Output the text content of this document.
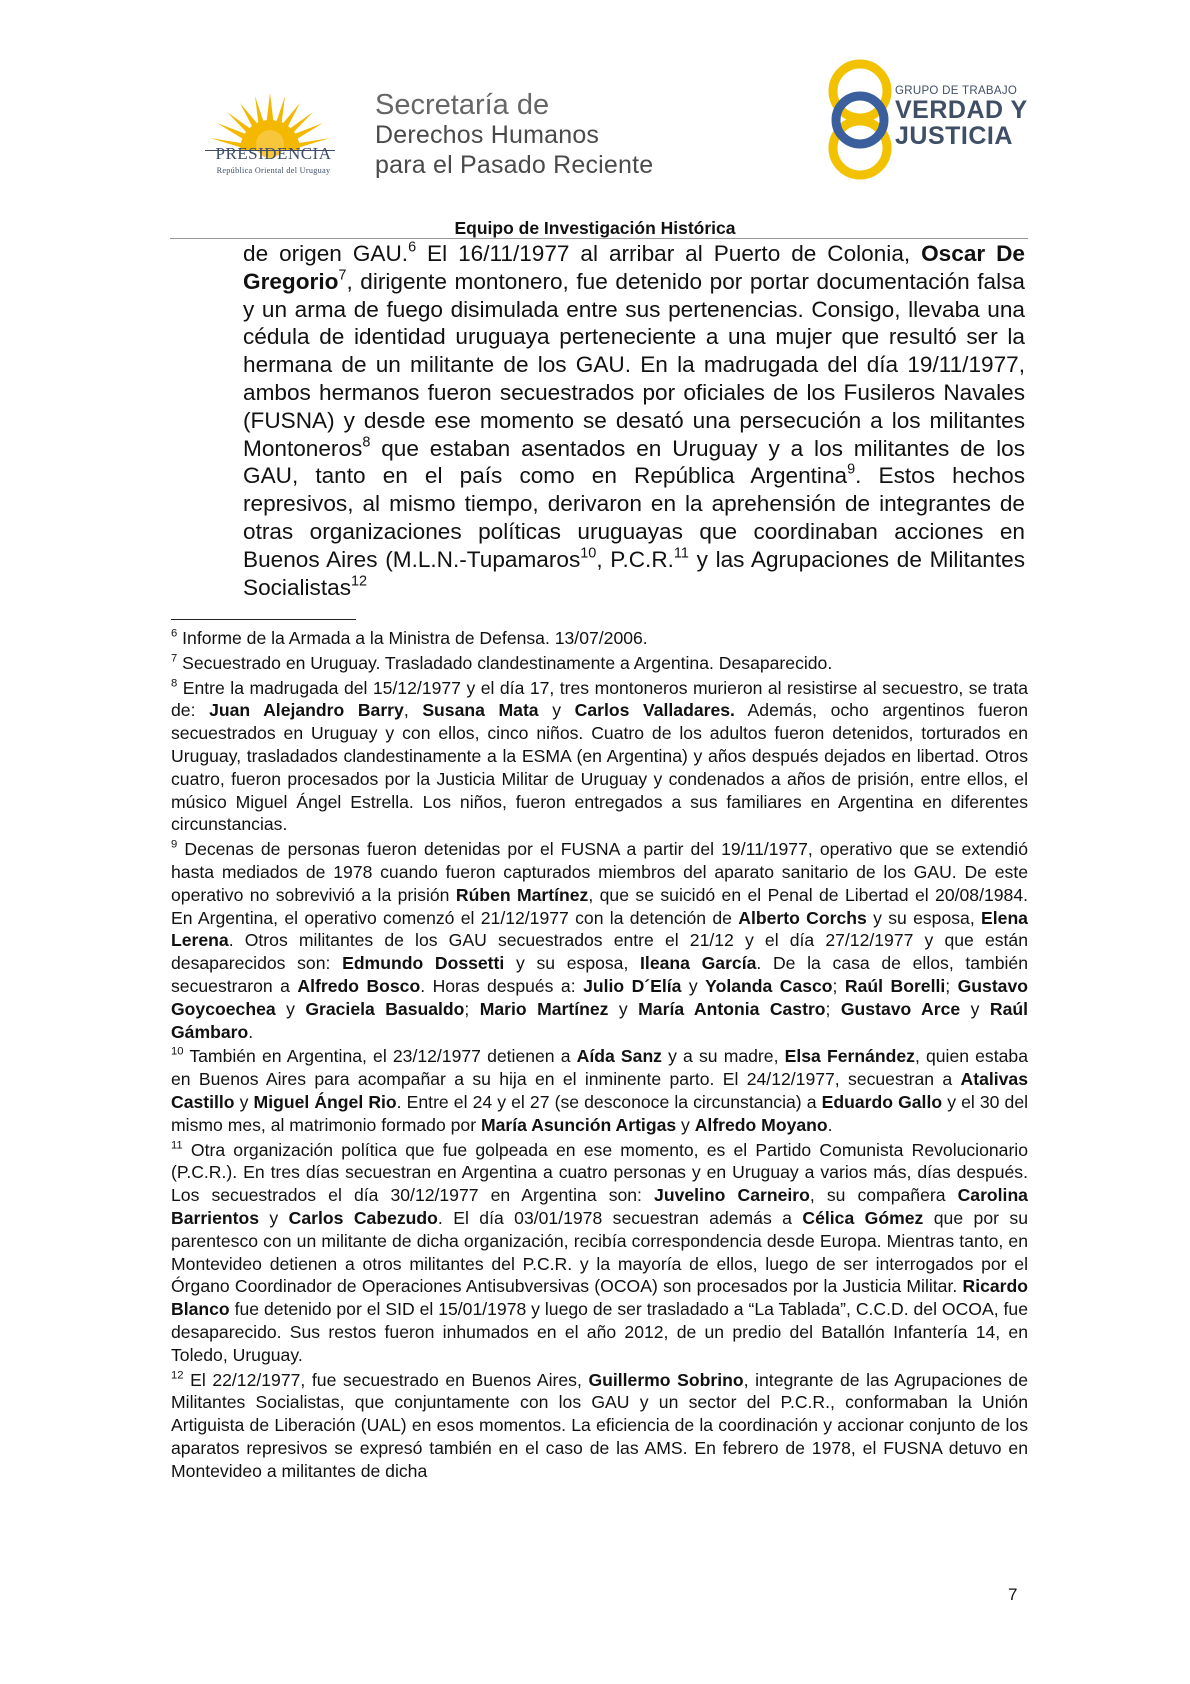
PRESIDENCIA
República Oriental del Uruguay
Secretaría de
Derechos Humanos
para el Pasado Reciente
GRUPO DE TRABAJO
VERDAD Y
JUSTICIA
Equipo de Investigación Histórica
de origen GAU.$^6$ El 16/11/1977 al arribar al Puerto de Colonia, Oscar De Gregorio$^7$, dirigente montonero, fue detenido por portar documentación falsa y un arma de fuego disimulada entre sus pertenencias. Consigo, llevaba una cédula de identidad uruguaya perteneciente a una mujer que resultó ser la hermana de un militante de los GAU. En la madrugada del día 19/11/1977, ambos hermanos fueron secuestrados por oficiales de los Fusileros Navales (FUSNA) y desde ese momento se desató una persecución a los militantes Montoneros$^8$ que estaban asentados en Uruguay y a los militantes de los GAU, tanto en el país como en República Argentina$^9$. Estos hechos represivos, al mismo tiempo, derivaron en la aprehensión de integrantes de otras organizaciones políticas uruguayas que coordinaban acciones en Buenos Aires (M.L.N.-Tupamaros$^{10}$, P.C.R.$^{11}$ y las Agrupaciones de Militantes Socialistas$^{12}$
$^6$ Informe de la Armada a la Ministra de Defensa. 13/07/2006.
$^7$ Secuestrado en Uruguay. Trasladado clandestinamente a Argentina. Desaparecido.
$^8$ Entre la madrugada del 15/12/1977 y el día 17, tres montoneros murieron al resistirse al secuestro, se trata de: Juan Alejandro Barry, Susana Mata y Carlos Valladares. Además, ocho argentinos fueron secuestrados en Uruguay y con ellos, cinco niños. Cuatro de los adultos fueron detenidos, torturados en Uruguay, trasladados clandestinamente a la ESMA (en Argentina) y años después dejados en libertad. Otros cuatro, fueron procesados por la Justicia Militar de Uruguay y condenados a años de prisión, entre ellos, el músico Miguel Ángel Estrella. Los niños, fueron entregados a sus familiares en Argentina en diferentes circunstancias.
$^9$ Decenas de personas fueron detenidas por el FUSNA a partir del 19/11/1977, operativo que se extendió hasta mediados de 1978 cuando fueron capturados miembros del aparato sanitario de los GAU. De este operativo no sobrevivió a la prisión Rúben Martínez, que se suicidó en el Penal de Libertad el 20/08/1984. En Argentina, el operativo comenzó el 21/12/1977 con la detención de Alberto Corchs y su esposa, Elena Lerena. Otros militantes de los GAU secuestrados entre el 21/12 y el día 27/12/1977 y que están desaparecidos son: Edmundo Dossetti y su esposa, Ileana García. De la casa de ellos, también secuestraron a Alfredo Bosco. Horas después a: Julio D´Elía y Yolanda Casco; Raúl Borelli; Gustavo Goycoechea y Graciela Basualdo; Mario Martínez y María Antonia Castro; Gustavo Arce y Raúl Gámbaro.
$^{10}$ También en Argentina, el 23/12/1977 detienen a Aída Sanz y a su madre, Elsa Fernández, quien estaba en Buenos Aires para acompañar a su hija en el inminente parto. El 24/12/1977, secuestran a Atalivas Castillo y Miguel Ángel Rio. Entre el 24 y el 27 (se desconoce la circunstancia) a Eduardo Gallo y el 30 del mismo mes, al matrimonio formado por María Asunción Artigas y Alfredo Moyano.
$^{11}$ Otra organización política que fue golpeada en ese momento, es el Partido Comunista Revolucionario (P.C.R.). En tres días secuestran en Argentina a cuatro personas y en Uruguay a varios más, días después. Los secuestrados el día 30/12/1977 en Argentina son: Juvelino Carneiro, su compañera Carolina Barrientos y Carlos Cabezudo. El día 03/01/1978 secuestran además a Célica Gómez que por su parentesco con un militante de dicha organización, recibía correspondencia desde Europa. Mientras tanto, en Montevideo detienen a otros militantes del P.C.R. y la mayoría de ellos, luego de ser interrogados por el Órgano Coordinador de Operaciones Antisubversivas (OCOA) son procesados por la Justicia Militar. Ricardo Blanco fue detenido por el SID el 15/01/1978 y luego de ser trasladado a “La Tablada”, C.C.D. del OCOA, fue desaparecido. Sus restos fueron inhumados en el año 2012, de un predio del Batallón Infantería 14, en Toledo, Uruguay.
$^{12}$ El 22/12/1977, fue secuestrado en Buenos Aires, Guillermo Sobrino, integrante de las Agrupaciones de Militantes Socialistas, que conjuntamente con los GAU y un sector del P.C.R., conformaban la Unión Artiguista de Liberación (UAL) en esos momentos. La eficiencia de la coordinación y accionar conjunto de los aparatos represivos se expresó también en el caso de las AMS. En febrero de 1978, el FUSNA detuvo en Montevideo a militantes de dicha
7
